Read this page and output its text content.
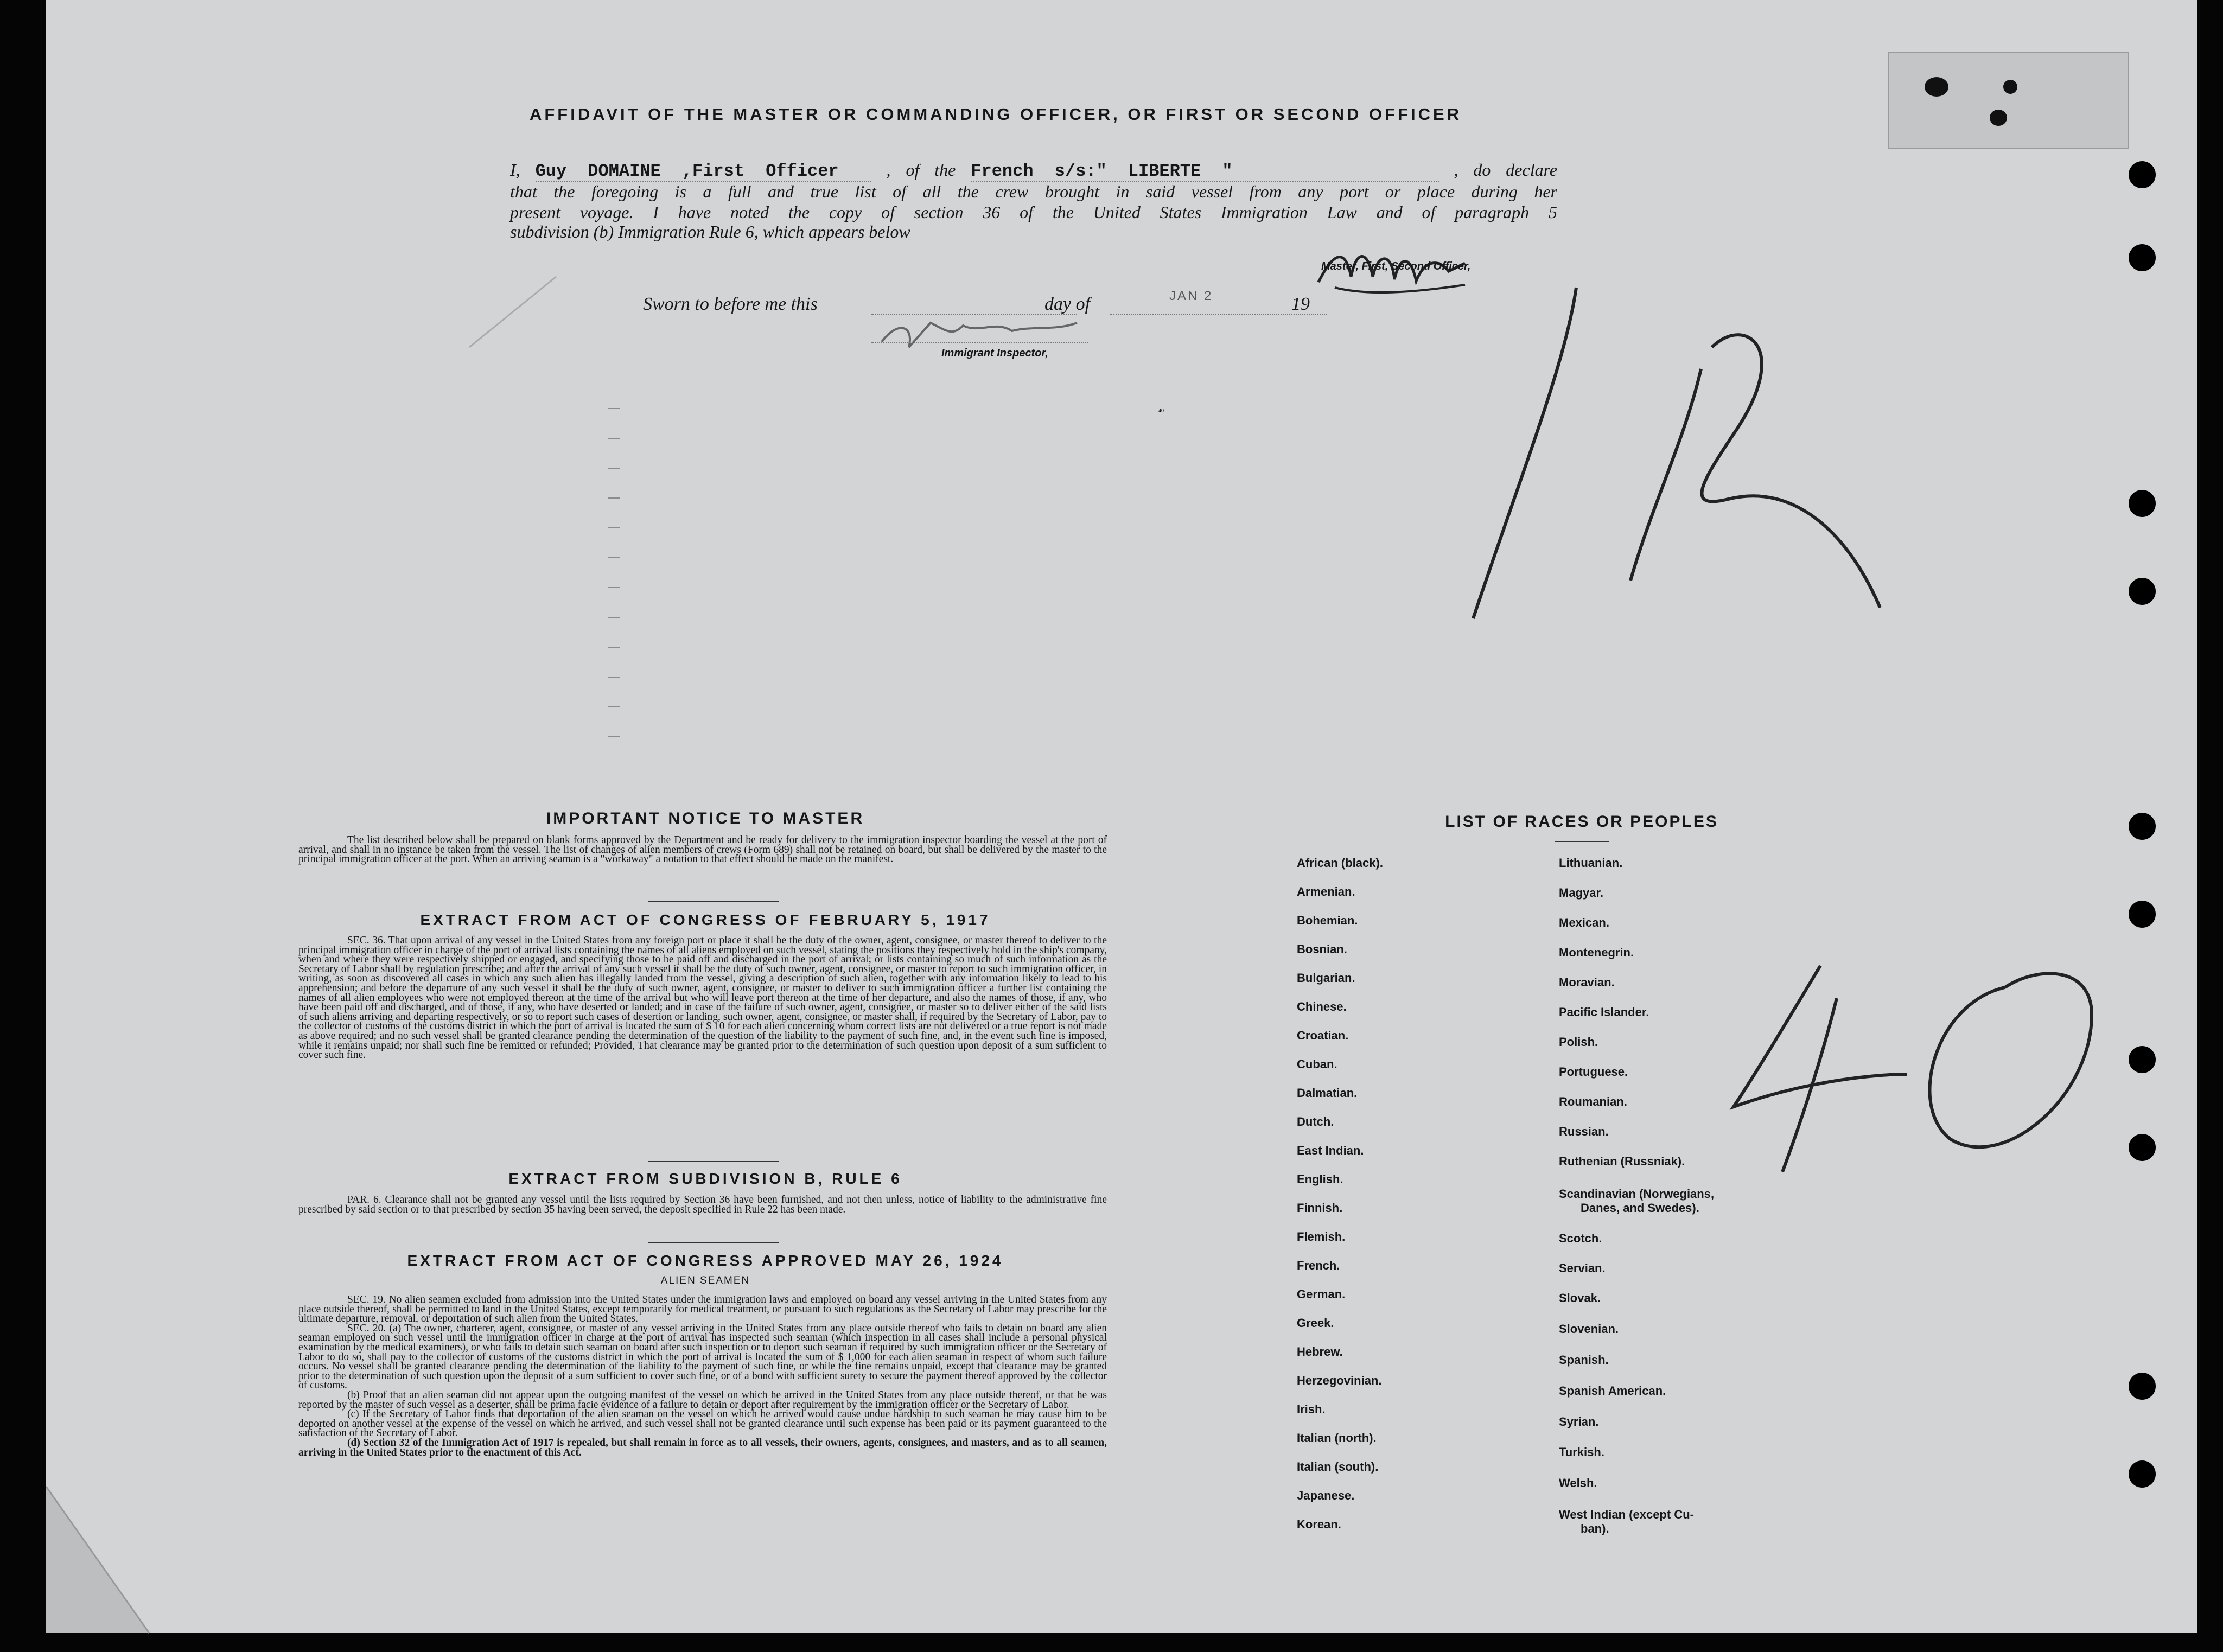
AFFIDAVIT OF THE MASTER OR COMMANDING OFFICER, OR FIRST OR SECOND OFFICER
I, Guy DOMAINE ,First Officer	, of the French s/s:" LIBERTE "	, do declare
that the foregoing is a full and true list of all the crew brought in said vessel from any port or place during her
present voyage. I have noted the copy of section 36 of the United States Immigration Law and of paragraph 5
subdivision (b) Immigration Rule 6, which appears below
Master, First, Second Officer,
Sworn to before me this	day of	JAN 2	19
Immigrant Inspector,
40
IMPORTANT NOTICE TO MASTER

The list described below shall be prepared on blank forms approved by the Department and be ready for delivery to the immigration inspector boarding the vessel at the port of arrival, and shall in no instance be taken from the vessel. The list of changes of alien members of crews (Form 689) shall not be retained on board, but shall be delivered by the master to the principal immigration officer at the port. When an arriving seaman is a "workaway" a notation to that effect should be made on the manifest.

EXTRACT FROM ACT OF CONGRESS OF FEBRUARY 5, 1917

SEC. 36. That upon arrival of any vessel in the United States from any foreign port or place it shall be the duty of the owner, agent, consignee, or master thereof to deliver to the principal immigration officer in charge of the port of arrival lists containing the names of all aliens employed on such vessel, stating the positions they respectively hold in the ship's company, when and where they were respectively shipped or engaged, and specifying those to be paid off and discharged in the port of arrival; or lists containing so much of such information as the Secretary of Labor shall by regulation prescribe; and after the arrival of any such vessel it shall be the duty of such owner, agent, consignee, or master to report to such immigration officer, in writing, as soon as discovered all cases in which any such alien has illegally landed from the vessel, giving a description of such alien, together with any information likely to lead to his apprehension; and before the departure of any such vessel it shall be the duty of such owner, agent, consignee, or master to deliver to such immigration officer a further list containing the names of all alien employees who were not employed thereon at the time of the arrival but who will leave port thereon at the time of her departure, and also the names of those, if any, who have been paid off and discharged, and of those, if any, who have deserted or landed; and in case of the failure of such owner, agent, consignee, or master so to deliver either of the said lists of such aliens arriving and departing respectively, or so to report such cases of desertion or landing, such owner, agent, consignee, or master shall, if required by the Secretary of Labor, pay to the collector of customs of the customs district in which the port of arrival is located the sum of $ 10 for each alien concerning whom correct lists are not delivered or a true report is not made as above required; and no such vessel shall be granted clearance pending the determination of the question of the liability to the payment of such fine, and, in the event such fine is imposed, while it remains unpaid; nor shall such fine be remitted or refunded; Provided, That clearance may be granted prior to the determination of such question upon deposit of a sum sufficient to cover such fine.

EXTRACT FROM SUBDIVISION B, RULE 6

PAR. 6. Clearance shall not be granted any vessel until the lists required by Section 36 have been furnished, and not then unless, notice of liability to the administrative fine prescribed by said section or to that prescribed by section 35 having been served, the deposit specified in Rule 22 has been made.

EXTRACT FROM ACT OF CONGRESS APPROVED MAY 26, 1924
ALIEN SEAMEN

SEC. 19. No alien seamen excluded from admission into the United States under the immigration laws and employed on board any vessel arriving in the United States from any place outside thereof, shall be permitted to land in the United States, except temporarily for medical treatment, or pursuant to such regulations as the Secretary of Labor may prescribe for the ultimate departure, removal, or deportation of such alien from the United States.

SEC. 20. (a) The owner, charterer, agent, consignee, or master of any vessel arriving in the United States from any place outside thereof who fails to detain on board any alien seaman employed on such vessel until the immigration officer in charge at the port of arrival has inspected such seaman (which inspection in all cases shall include a personal physical examination by the medical examiners), or who fails to detain such seaman on board after such inspection or to deport such seaman if required by such immigration officer or the Secretary of Labor to do so, shall pay to the collector of customs of the customs district in which the port of arrival is located the sum of $ 1,000 for each alien seaman in respect of whom such failure occurs. No vessel shall be granted clearance pending the determination of the liability to the payment of such fine, or while the fine remains unpaid, except that clearance may be granted prior to the determination of such question upon the deposit of a sum sufficient to cover such fine, or of a bond with sufficient surety to secure the payment thereof approved by the collector of customs.

(b) Proof that an alien seaman did not appear upon the outgoing manifest of the vessel on which he arrived in the United States from any place outside thereof, or that he was reported by the master of such vessel as a deserter, shall be prima facie evidence of a failure to detain or deport after requirement by the immigration officer or the Secretary of Labor.

(c) If the Secretary of Labor finds that deportation of the alien seaman on the vessel on which he arrived would cause undue hardship to such seaman he may cause him to be deported on another vessel at the expense of the vessel on which he arrived, and such vessel shall not be granted clearance until such expense has been paid or its payment guaranteed to the satisfaction of the Secretary of Labor.

(d) Section 32 of the Immigration Act of 1917 is repealed, but shall remain in force as to all vessels, their owners, agents, consignees, and masters, and as to all seamen, arriving in the United States prior to the enactment of this Act.

LIST OF RACES OR PEOPLES
African (black).
Armenian.
Bohemian.
Bosnian.
Bulgarian.
Chinese.
Croatian.
Cuban.
Dalmatian.
Dutch.
East Indian.
English.
Finnish.
Flemish.
French.
German.
Greek.
Hebrew.
Herzegovinian.
Irish.
Italian (north).
Italian (south).
Japanese.
Korean.
Lithuanian.
Magyar.
Mexican.
Montenegrin.
Moravian.
Pacific Islander.
Polish.
Portuguese.
Roumanian.
Russian.
Ruthenian (Russniak).
Scandinavian (Norwegians,
Danes, and Swedes).
Scotch.
Servian.
Slovak.
Slovenian.
Spanish.
Spanish American.
Syrian.
Turkish.
Welsh.
West Indian (except Cu-
ban).
